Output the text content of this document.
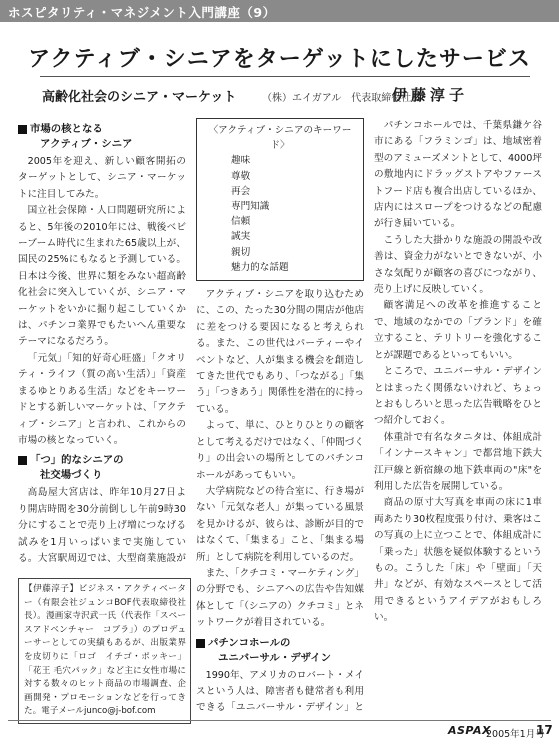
ホスピタリティ・マネジメント入門講座（9）
アクティブ・シニアをターゲットにしたサービス
高齢化社会のシニア・マーケット	（株）エイガアル　代表取締役社長
伊藤淳子
市場の核となる
アクティブ・シニア

2005年を迎え、新しい顧客開拓のターゲットとして、シニア・マーケットに注目してみた。

国立社会保障・人口問題研究所によると、5年後の2010年には、戦後ベビーブーム時代に生まれた65歳以上が、国民の25%にもなると予測している。日本は今後、世界に類をみない超高齢化社会に突入していくが、シニア・マーケットをいかに掘り起こしていくかは、パチンコ業界でもたいへん重要なテーマになるだろう。

「元気」「知的好奇心旺盛」「クオリティ・ライフ（質の高い生活）」「資産まるゆとりある生活」などをキーワードとする新しいマーケットは、「アクティブ・シニア」と言われ、これからの市場の核となっていく。

「つ」的なシニアの
社交場づくり

高島屋大宮店は、昨年10月27日より開店時間を30分前倒しし午前9時30分にすることで売り上げ増につなげる試みを1月いっぱいまで実施している。大宮駅周辺では、大型商業施設が

【伊藤淳子】ビジネス・アクティベーター（有限会社ジュンコBOF代表取締役社長）。漫画家寺沢武一氏（代表作「スペースアドベンチャー　コブラ」）のプロデューサーとしての実績もあるが、出版業界を皮切りに「ロゴ　イチゴ・ポッキー」「花王 毛穴パック」など主に女性市場に対する数々のヒット商品の市場調査、企画開発・プロモーションなどを行ってきた。電子メールjunco@j-bof.com
〈アクティブ・シニアのキーワード〉
趣味
尊敬
再会
専門知識
信頼
誠実
親切
魅力的な話題

アクティブ・シニアを取り込むために、この、たった30分間の開店が他店に差をつける要因になると考えられる。また、この世代はパーティーやイベントなど、人が集まる機会を創造してきた世代でもあり、「つながる」「集う」「つきあう」関係性を潜在的に持っている。

よって、単に、ひとりひとりの顧客として考えるだけではなく、「仲間づくり」の出会いの場所としてのパチンコホールがあってもいい。

大学病院などの待合室に、行き場がない「元気な老人」が集っている風景を見かけるが、彼らは、診断が目的ではなくて、「集まる」こと、「集まる場所」として病院を利用しているのだ。

また、「クチコミ・マーケティング」の分野でも、シニアへの広告や告知媒体として「（シニアの）クチコミ」とネットワークが着目されている。

パチンコホールの
ユニバーサル・デザイン

1990年、アメリカのロバート・メイスという人は、障害者も健常者も利用できる「ユニバーサル・デザイン」と

パチンコホールでは、千葉県鎌ケ谷市にある「フラミンゴ」は、地域密着型のアミューズメントとして、4000坪の敷地内にドラッグストアやファーストフード店も複合出店しているほか、店内にはスロープをつけるなどの配慮が行き届いている。

こうした大掛かりな施設の開設や改善は、資金力がないとできないが、小さな気配りが顧客の喜びにつながり、売り上げに反映していく。

顧客満足への改革を推進することで、地域のなかでの「ブランド」を確立すること、テリトリーを強化することが課題であるといってもいい。

ところで、ユニバーサル・デザインとはまったく関係ないけれど、ちょっとおもしろいと思った広告戦略をひとつ紹介しておく。

体重計で有名なタニタは、体組成計「インナースキャン」で都営地下鉄大江戸線と新宿線の地下鉄車両の"床"を利用した広告を展開している。

商品の原寸大写真を車両の床に1車両あたり30枚程度張り付け、乗客はこの写真の上に立つことで、体組成計に「乗った」状態を疑似体験するというもの。こうした「床」や「壁面」「天井」などが、有効なスペースとして活用できるというアイデアがおもしろい。

ASPAX
2005年1月号
17
